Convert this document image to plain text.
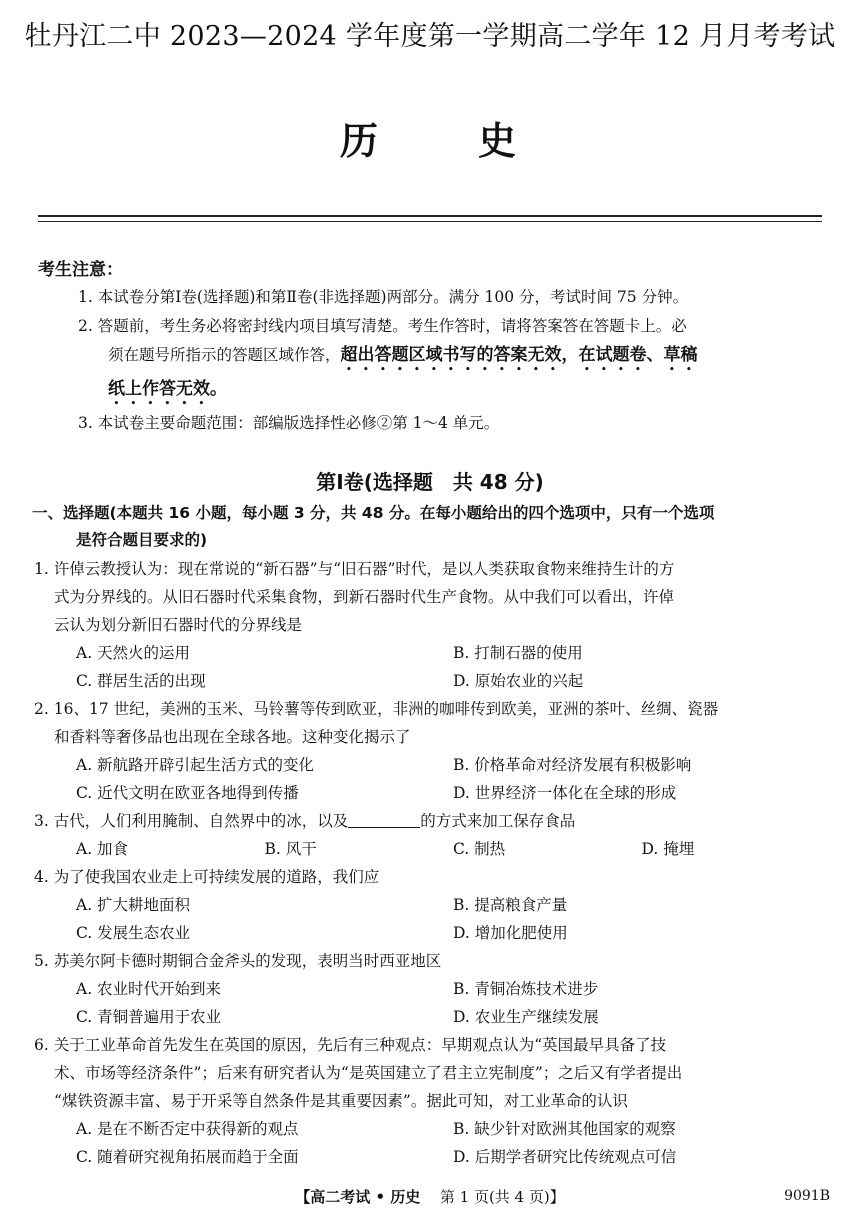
牡丹江二中 2023—2024 学年度第一学期高二学年 12 月月考考试
历	史
考生注意：
1. 本试卷分第Ⅰ卷(选择题)和第Ⅱ卷(非选择题)两部分。满分 100 分，考试时间 75 分钟。
2. 答题前，考生务必将密封线内项目填写清楚。考生作答时，请将答案答在答题卡上。必
须在题号所指示的答题区域作答，超出答题区域书写的答案无效，在试题卷、草稿
纸上作答无效。
3. 本试卷主要命题范围：部编版选择性必修②第 1～4 单元。
第Ⅰ卷(选择题　共 48 分)
一、选择题(本题共 16 小题，每小题 3 分，共 48 分。在每小题给出的四个选项中，只有一个选项
是符合题目要求的)
1. 许倬云教授认为：现在常说的“新石器”与“旧石器”时代，是以人类获取食物来维持生计的方
式为分界线的。从旧石器时代采集食物，到新石器时代生产食物。从中我们可以看出，许倬
云认为划分新旧石器时代的分界线是
A. 天然火的运用	B. 打制石器的使用
C. 群居生活的出现	D. 原始农业的兴起
2. 16、17 世纪，美洲的玉米、马铃薯等传到欧亚，非洲的咖啡传到欧美，亚洲的茶叶、丝绸、瓷器
和香料等奢侈品也出现在全球各地。这种变化揭示了
A. 新航路开辟引起生活方式的变化	B. 价格革命对经济发展有积极影响
C. 近代文明在欧亚各地得到传播	D. 世界经济一体化在全球的形成
3. 古代，人们利用腌制、自然界中的冰，以及	的方式来加工保存食品
A. 加食	B. 风干	C. 制热	D. 掩埋
4. 为了使我国农业走上可持续发展的道路，我们应
A. 扩大耕地面积	B. 提高粮食产量
C. 发展生态农业	D. 增加化肥使用
5. 苏美尔阿卡德时期铜合金斧头的发现，表明当时西亚地区
A. 农业时代开始到来	B. 青铜冶炼技术进步
C. 青铜普遍用于农业	D. 农业生产继续发展
6. 关于工业革命首先发生在英国的原因，先后有三种观点：早期观点认为“英国最早具备了技
术、市场等经济条件”；后来有研究者认为“是英国建立了君主立宪制度”；之后又有学者提出
“煤铁资源丰富、易于开采等自然条件是其重要因素”。据此可知，对工业革命的认识
A. 是在不断否定中获得新的观点	B. 缺少针对欧洲其他国家的观察
C. 随着研究视角拓展而趋于全面	D. 后期学者研究比传统观点可信
【高二考试 • 历史 第 1 页(共 4 页)】	9091B
